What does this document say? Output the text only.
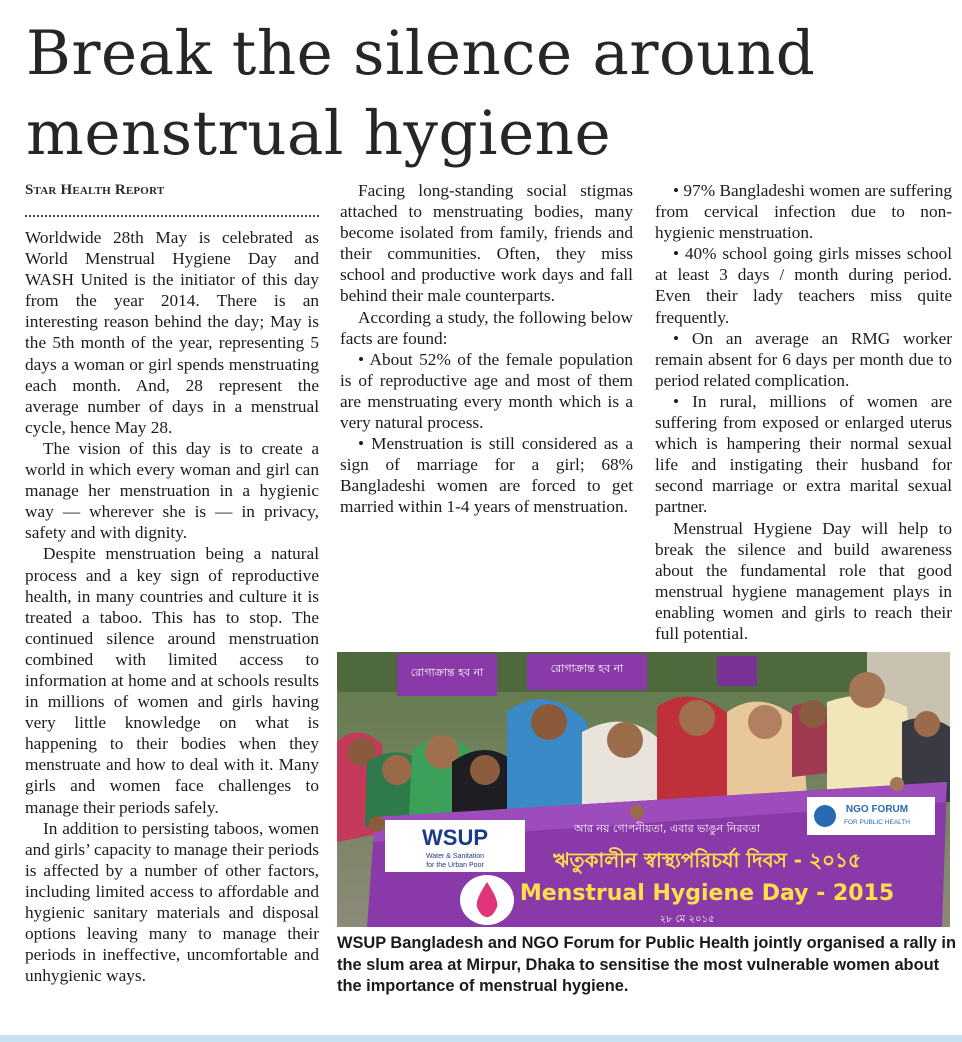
Break the silence around
menstrual hygiene
Star Health Report

Worldwide 28th May is celebrated as World Menstrual Hygiene Day and WASH United is the initiator of this day from the year 2014. There is an interesting reason behind the day; May is the 5th month of the year, representing 5 days a woman or girl spends menstruating each month. And, 28 represent the average number of days in a menstrual cycle, hence May 28.

The vision of this day is to create a world in which every woman and girl can manage her menstruation in a hygienic way — wherever she is — in privacy, safety and with dignity.

Despite menstruation being a natural process and a key sign of reproductive health, in many countries and culture it is treated a taboo. This has to stop. The continued silence around menstruation combined with limited access to information at home and at schools results in millions of women and girls having very little knowledge on what is happening to their bodies when they menstruate and how to deal with it. Many girls and women face challenges to manage their periods safely.

In addition to persisting taboos, women and girls’ capacity to manage their periods is affected by a number of other factors, including limited access to affordable and hygienic sanitary materials and disposal options leaving many to manage their periods in ineffective, uncomfortable and unhygienic ways.

Facing long-standing social stigmas attached to menstruating bodies, many become isolated from family, friends and their communities. Often, they miss school and productive work days and fall behind their male counterparts.

According a study, the following below facts are found:

• About 52% of the female population is of reproductive age and most of them are menstruating every month which is a very natural process.

• Menstruation is still considered as a sign of marriage for a girl; 68% Bangladeshi women are forced to get married within 1-4 years of menstruation.

• 97% Bangladeshi women are suffering from cervical infection due to non-hygienic menstruation.

• 40% school going girls misses school at least 3 days / month during period. Even their lady teachers miss quite frequently.

• On an average an RMG worker remain absent for 6 days per month due to period related complication.

• In rural, millions of women are suffering from exposed or enlarged uterus which is hampering their normal sexual life and instigating their husband for second marriage or extra marital sexual partner.

Menstrual Hygiene Day will help to break the silence and build awareness about the fundamental role that good menstrual hygiene management plays in enabling women and girls to reach their full potential.

রোগাক্রান্ত হব না	রোগাক্রান্ত হব না
WSUP
Water & Sanitation
for the Urban Poor
আর নয় গোপনীয়তা, এবার ভাঙুন নিরবতা
NGO FORUM
FOR PUBLIC HEALTH
ঋতুকালীন স্বাস্থ্যপরিচর্যা দিবস - ২০১৫
Menstrual Hygiene Day - 2015
২৮ মে ২০১৫

WSUP Bangladesh and NGO Forum for Public Health jointly organised a rally in the slum area at Mirpur, Dhaka to sensitise the most vulnerable women about the importance of menstrual hygiene.
